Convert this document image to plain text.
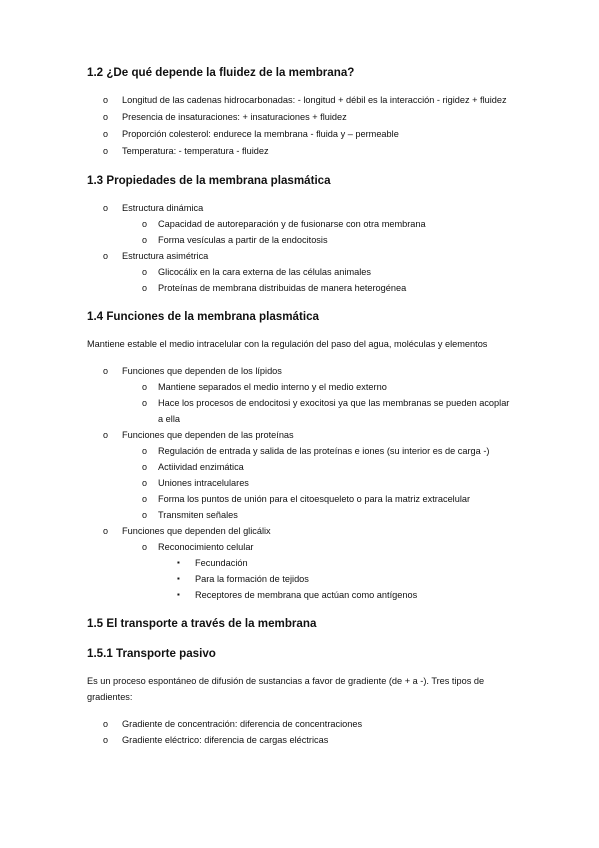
1.2 ¿De qué depende la fluidez de la membrana?
o Longitud de las cadenas hidrocarbonadas: - longitud + débil es la interacción - rigidez + fluidez
o Presencia de insaturaciones: + insaturaciones + fluidez
o Proporción colesterol: endurece la membrana - fluida y – permeable
o Temperatura: - temperatura - fluidez
1.3 Propiedades de la membrana plasmática
o Estructura dinámica
o Capacidad de autoreparación y de fusionarse con otra membrana
o Forma vesículas a partir de la endocitosis
o Estructura asimétrica
o Glicocálix en la cara externa de las células animales
o Proteínas de membrana distribuidas de manera heterogénea
1.4 Funciones de la membrana plasmática

Mantiene estable el medio intracelular con la regulación del paso del agua, moléculas y elementos

o Funciones que dependen de los lípidos
o Mantiene separados el medio interno y el medio externo
o Hace los procesos de endocitosi y exocitosi ya que las membranas se pueden acoplar a ella
o Funciones que dependen de las proteínas
o Regulación de entrada y salida de las proteínas e iones (su interior es de carga -)
o Actiividad enzimática
o Uniones intracelulares
o Forma los puntos de unión para el citoesqueleto o para la matriz extracelular
o Transmiten señales
o Funciones que dependen del glicálix
o Reconocimiento celular
▪ Fecundación
▪ Para la formación de tejidos
▪ Receptores de membrana que actúan como antígenos
1.5 El transporte a través de la membrana
1.5.1 Transporte pasivo

Es un proceso espontáneo de difusión de sustancias a favor de gradiente (de + a -). Tres tipos de gradientes:

o Gradiente de concentración: diferencia de concentraciones
o Gradiente eléctrico: diferencia de cargas eléctricas
